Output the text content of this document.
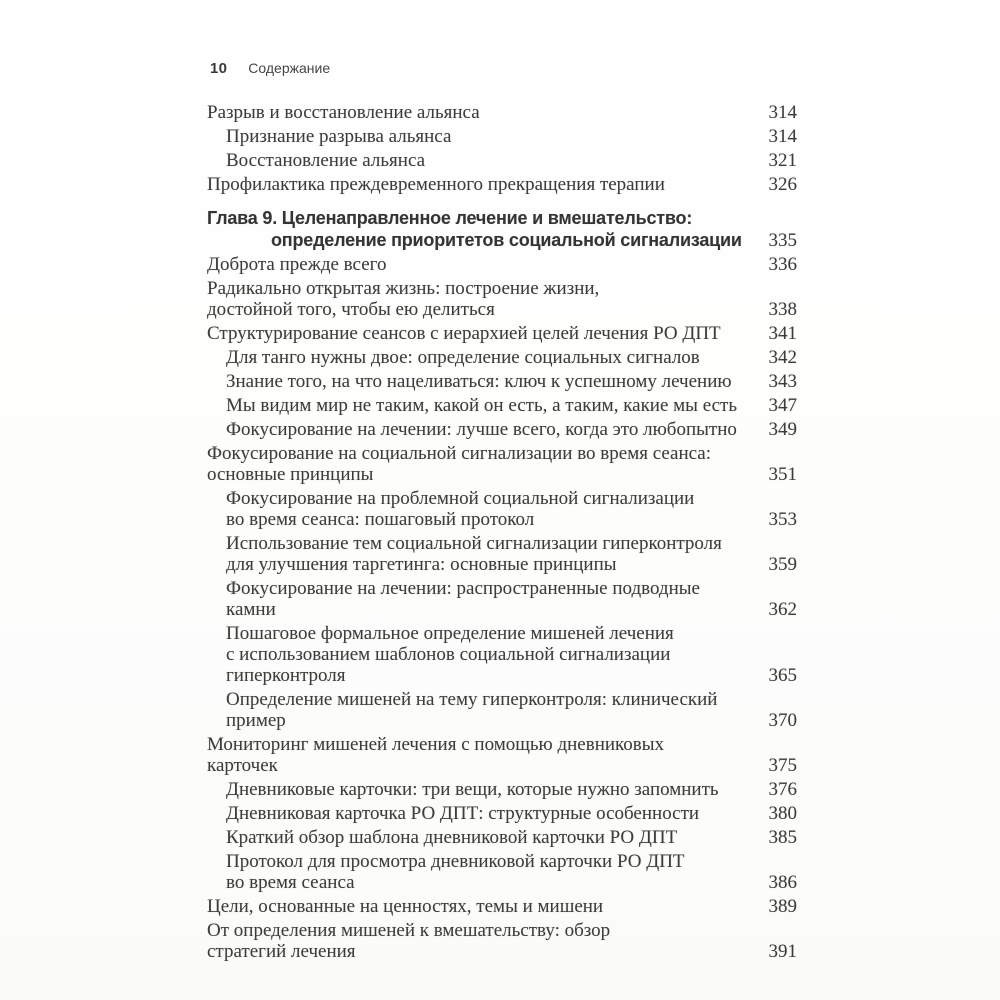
10 Содержание
Разрыв и восстановление альянса	314
Признание разрыва альянса	314
Восстановление альянса	321
Профилактика преждевременного прекращения терапии	326
Глава 9. Целенаправленное лечение и вмешательство:
определение приоритетов социальной сигнализации	335
Доброта прежде всего	336
Радикально открытая жизнь: построение жизни,
достойной того, чтобы ею делиться	338
Структурирование сеансов с иерархией целей лечения РО ДПТ	341
Для танго нужны двое: определение социальных сигналов	342
Знание того, на что нацеливаться: ключ к успешному лечению	343
Мы видим мир не таким, какой он есть, а таким, какие мы есть	347
Фокусирование на лечении: лучше всего, когда это любопытно	349
Фокусирование на социальной сигнализации во время сеанса:
основные принципы	351
Фокусирование на проблемной социальной сигнализации
во время сеанса: пошаговый протокол	353
Использование тем социальной сигнализации гиперконтроля
для улучшения таргетинга: основные принципы	359
Фокусирование на лечении: распространенные подводные
камни	362
Пошаговое формальное определение мишеней лечения
с использованием шаблонов социальной сигнализации
гиперконтроля	365
Определение мишеней на тему гиперконтроля: клинический
пример	370
Мониторинг мишеней лечения с помощью дневниковых
карточек	375
Дневниковые карточки: три вещи, которые нужно запомнить	376
Дневниковая карточка РО ДПТ: структурные особенности	380
Краткий обзор шаблона дневниковой карточки РО ДПТ	385
Протокол для просмотра дневниковой карточки РО ДПТ
во время сеанса	386
Цели, основанные на ценностях, темы и мишени	389
От определения мишеней к вмешательству: обзор
стратегий лечения	391
